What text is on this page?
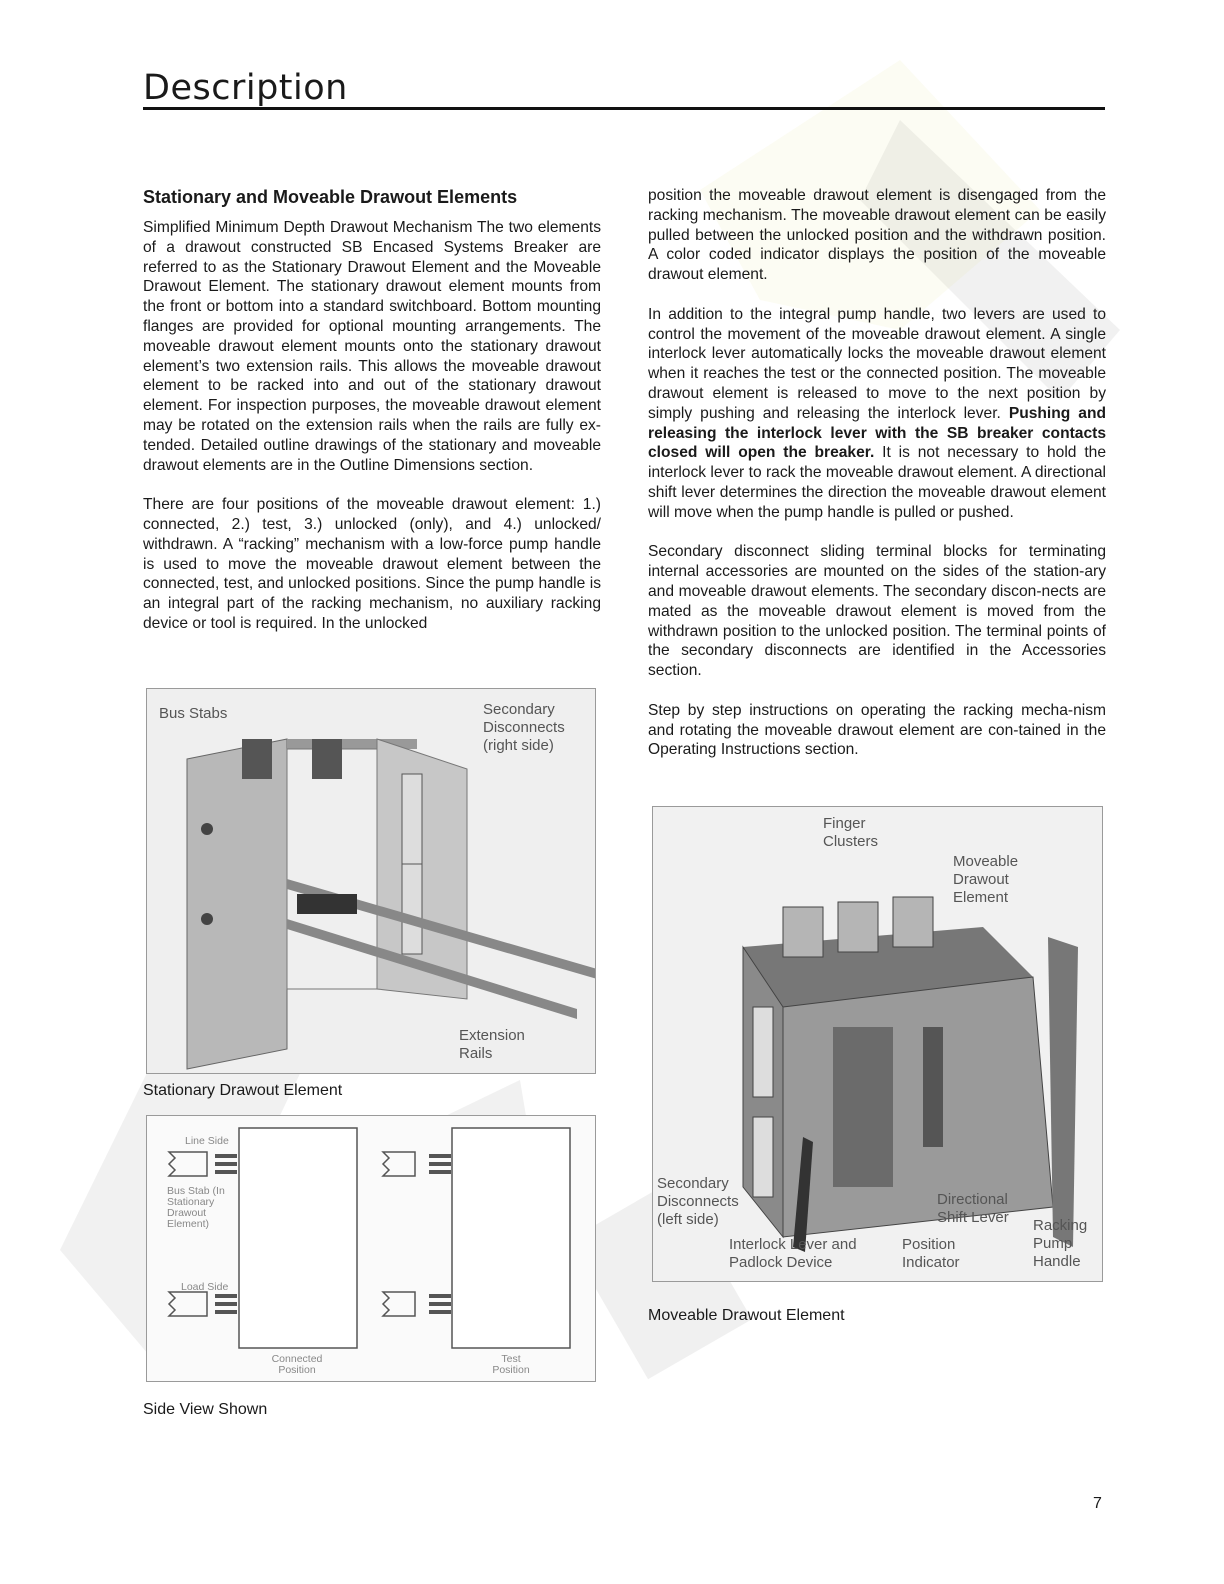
Description
Stationary and Moveable Drawout Elements

Simplified Minimum Depth Drawout Mechanism The two elements of a drawout constructed SB Encased Systems Breaker are referred to as the Stationary Drawout Element and the Moveable Drawout Element. The stationary drawout element mounts from the front or bottom into a standard switchboard. Bottom mounting flanges are provided for optional mounting arrangements. The moveable drawout element mounts onto the stationary drawout element’s two extension rails. This allows the moveable drawout element to be racked into and out of the stationary drawout element. For inspection purposes, the moveable drawout element may be rotated on the extension rails when the rails are fully ex-tended. Detailed outline drawings of the stationary and moveable drawout elements are in the Outline Dimensions section.

There are four positions of the moveable drawout element: 1.) connected, 2.) test, 3.) unlocked (only), and 4.) unlocked/ withdrawn. A “racking” mechanism with a low-force pump handle is used to move the moveable drawout element between the connected, test, and unlocked positions. Since the pump handle is an integral part of the racking mechanism, no auxiliary racking device or tool is required. In the unlocked

position the moveable drawout element is disengaged from the racking mechanism. The moveable drawout element can be easily pulled between the unlocked position and the withdrawn position. A color coded indicator displays the position of the moveable drawout element.

In addition to the integral pump handle, two levers are used to control the movement of the moveable drawout element. A single interlock lever automatically locks the moveable drawout element when it reaches the test or the connected position. The moveable drawout element is released to move to the next position by simply pushing and releasing the interlock lever. Pushing and releasing the interlock lever with the SB breaker contacts closed will open the breaker. It is not necessary to hold the interlock lever to rack the moveable drawout element. A directional shift lever determines the direction the moveable drawout element will move when the pump handle is pulled or pushed.

Secondary disconnect sliding terminal blocks for terminating internal accessories are mounted on the sides of the station-ary and moveable drawout elements. The secondary discon-nects are mated as the moveable drawout element is moved from the withdrawn position to the unlocked position. The terminal points of the secondary disconnects are identified in the Accessories section.

Step by step instructions on operating the racking mecha-nism and rotating the moveable drawout element are con-tained in the Operating Instructions section.

Bus Stabs	Secondary
Disconnects
(right side)
Extension
Rails
Stationary Drawout Element
Line Side
Bus Stab (In
Stationary
Drawout
Element)
Load Side
Connected
Position
Test
Position
Side View Shown
Finger
Clusters
Moveable
Drawout
Element
Secondary
Disconnects
(left side)
Directional
Shift Lever Racking
Pump
Handle
Interlock Lever and
Padlock Device
Position
Indicator
Moveable Drawout Element
7
